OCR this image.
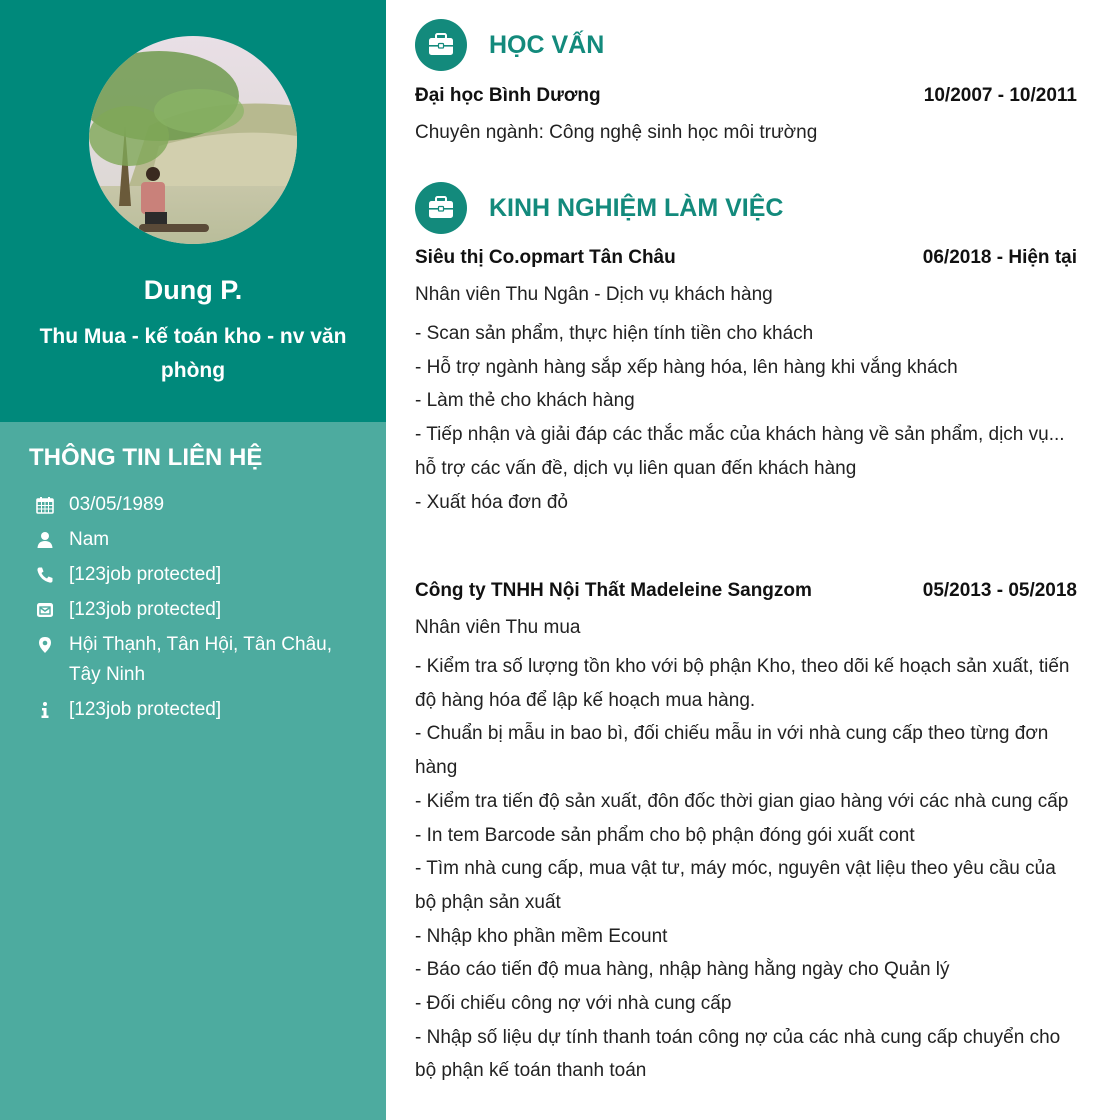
Dung P.
Thu Mua - kế toán kho - nv văn phòng
THÔNG TIN LIÊN HỆ
03/05/1989
Nam
[123job protected]
[123job protected]
Hội Thạnh, Tân Hội, Tân Châu, Tây Ninh
[123job protected]
HỌC VẤN
Đại học Bình Dương	10/2007 - 10/2011
Chuyên ngành: Công nghệ sinh học môi trường
KINH NGHIỆM LÀM VIỆC
Siêu thị Co.opmart Tân Châu	06/2018 - Hiện tại
Nhân viên Thu Ngân - Dịch vụ khách hàng

- Scan sản phẩm, thực hiện tính tiền cho khách

- Hỗ trợ ngành hàng sắp xếp hàng hóa, lên hàng khi vắng khách

- Làm thẻ cho khách hàng

- Tiếp nhận và giải đáp các thắc mắc của khách hàng về sản phẩm, dịch vụ... hỗ trợ các vấn đề, dịch vụ liên quan đến khách hàng

- Xuất hóa đơn đỏ

Công ty TNHH Nội Thất Madeleine Sangzom	05/2013 - 05/2018
Nhân viên Thu mua

- Kiểm tra số lượng tồn kho với bộ phận Kho, theo dõi kế hoạch sản xuất, tiến độ hàng hóa để lập kế hoạch mua hàng.

- Chuẩn bị mẫu in bao bì, đối chiếu mẫu in với nhà cung cấp theo từng đơn hàng

- Kiểm tra tiến độ sản xuất, đôn đốc thời gian giao hàng với các nhà cung cấp

- In tem Barcode sản phẩm cho bộ phận đóng gói xuất cont

- Tìm nhà cung cấp, mua vật tư, máy móc, nguyên vật liệu theo yêu cầu của bộ phận sản xuất

- Nhập kho phần mềm Ecount

- Báo cáo tiến độ mua hàng, nhập hàng hằng ngày cho Quản lý

- Đối chiếu công nợ với nhà cung cấp

- Nhập số liệu dự tính thanh toán công nợ của các nhà cung cấp chuyển cho bộ phận kế toán thanh toán
